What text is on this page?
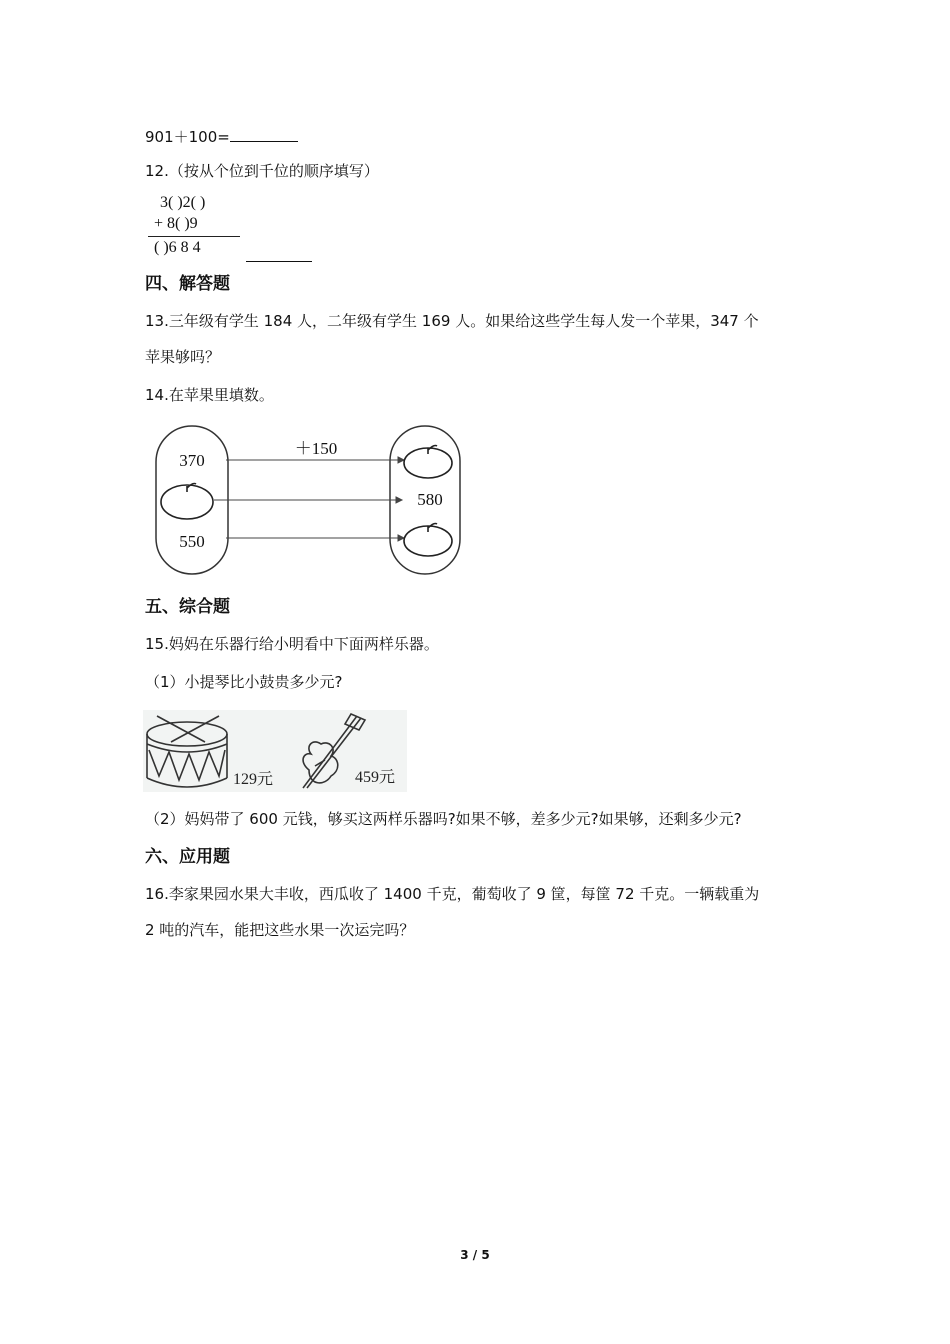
901＋100=
12.（按从个位到千位的顺序填写）
3( )2( )
+ 8( )9
( )6 8 4
四、解答题
13.三年级有学生 184 人，二年级有学生 169 人。如果给这些学生每人发一个苹果，347 个
苹果够吗？
14.在苹果里填数。
370
550
＋150
580
五、综合题
15.妈妈在乐器行给小明看中下面两样乐器。
（1）小提琴比小鼓贵多少元?
129元	459元
（2）妈妈带了 600 元钱，够买这两样乐器吗?如果不够，差多少元?如果够，还剩多少元?
六、应用题
16.李家果园水果大丰收，西瓜收了 1400 千克，葡萄收了 9 筐，每筐 72 千克。一辆载重为
2 吨的汽车，能把这些水果一次运完吗？
3 / 5
